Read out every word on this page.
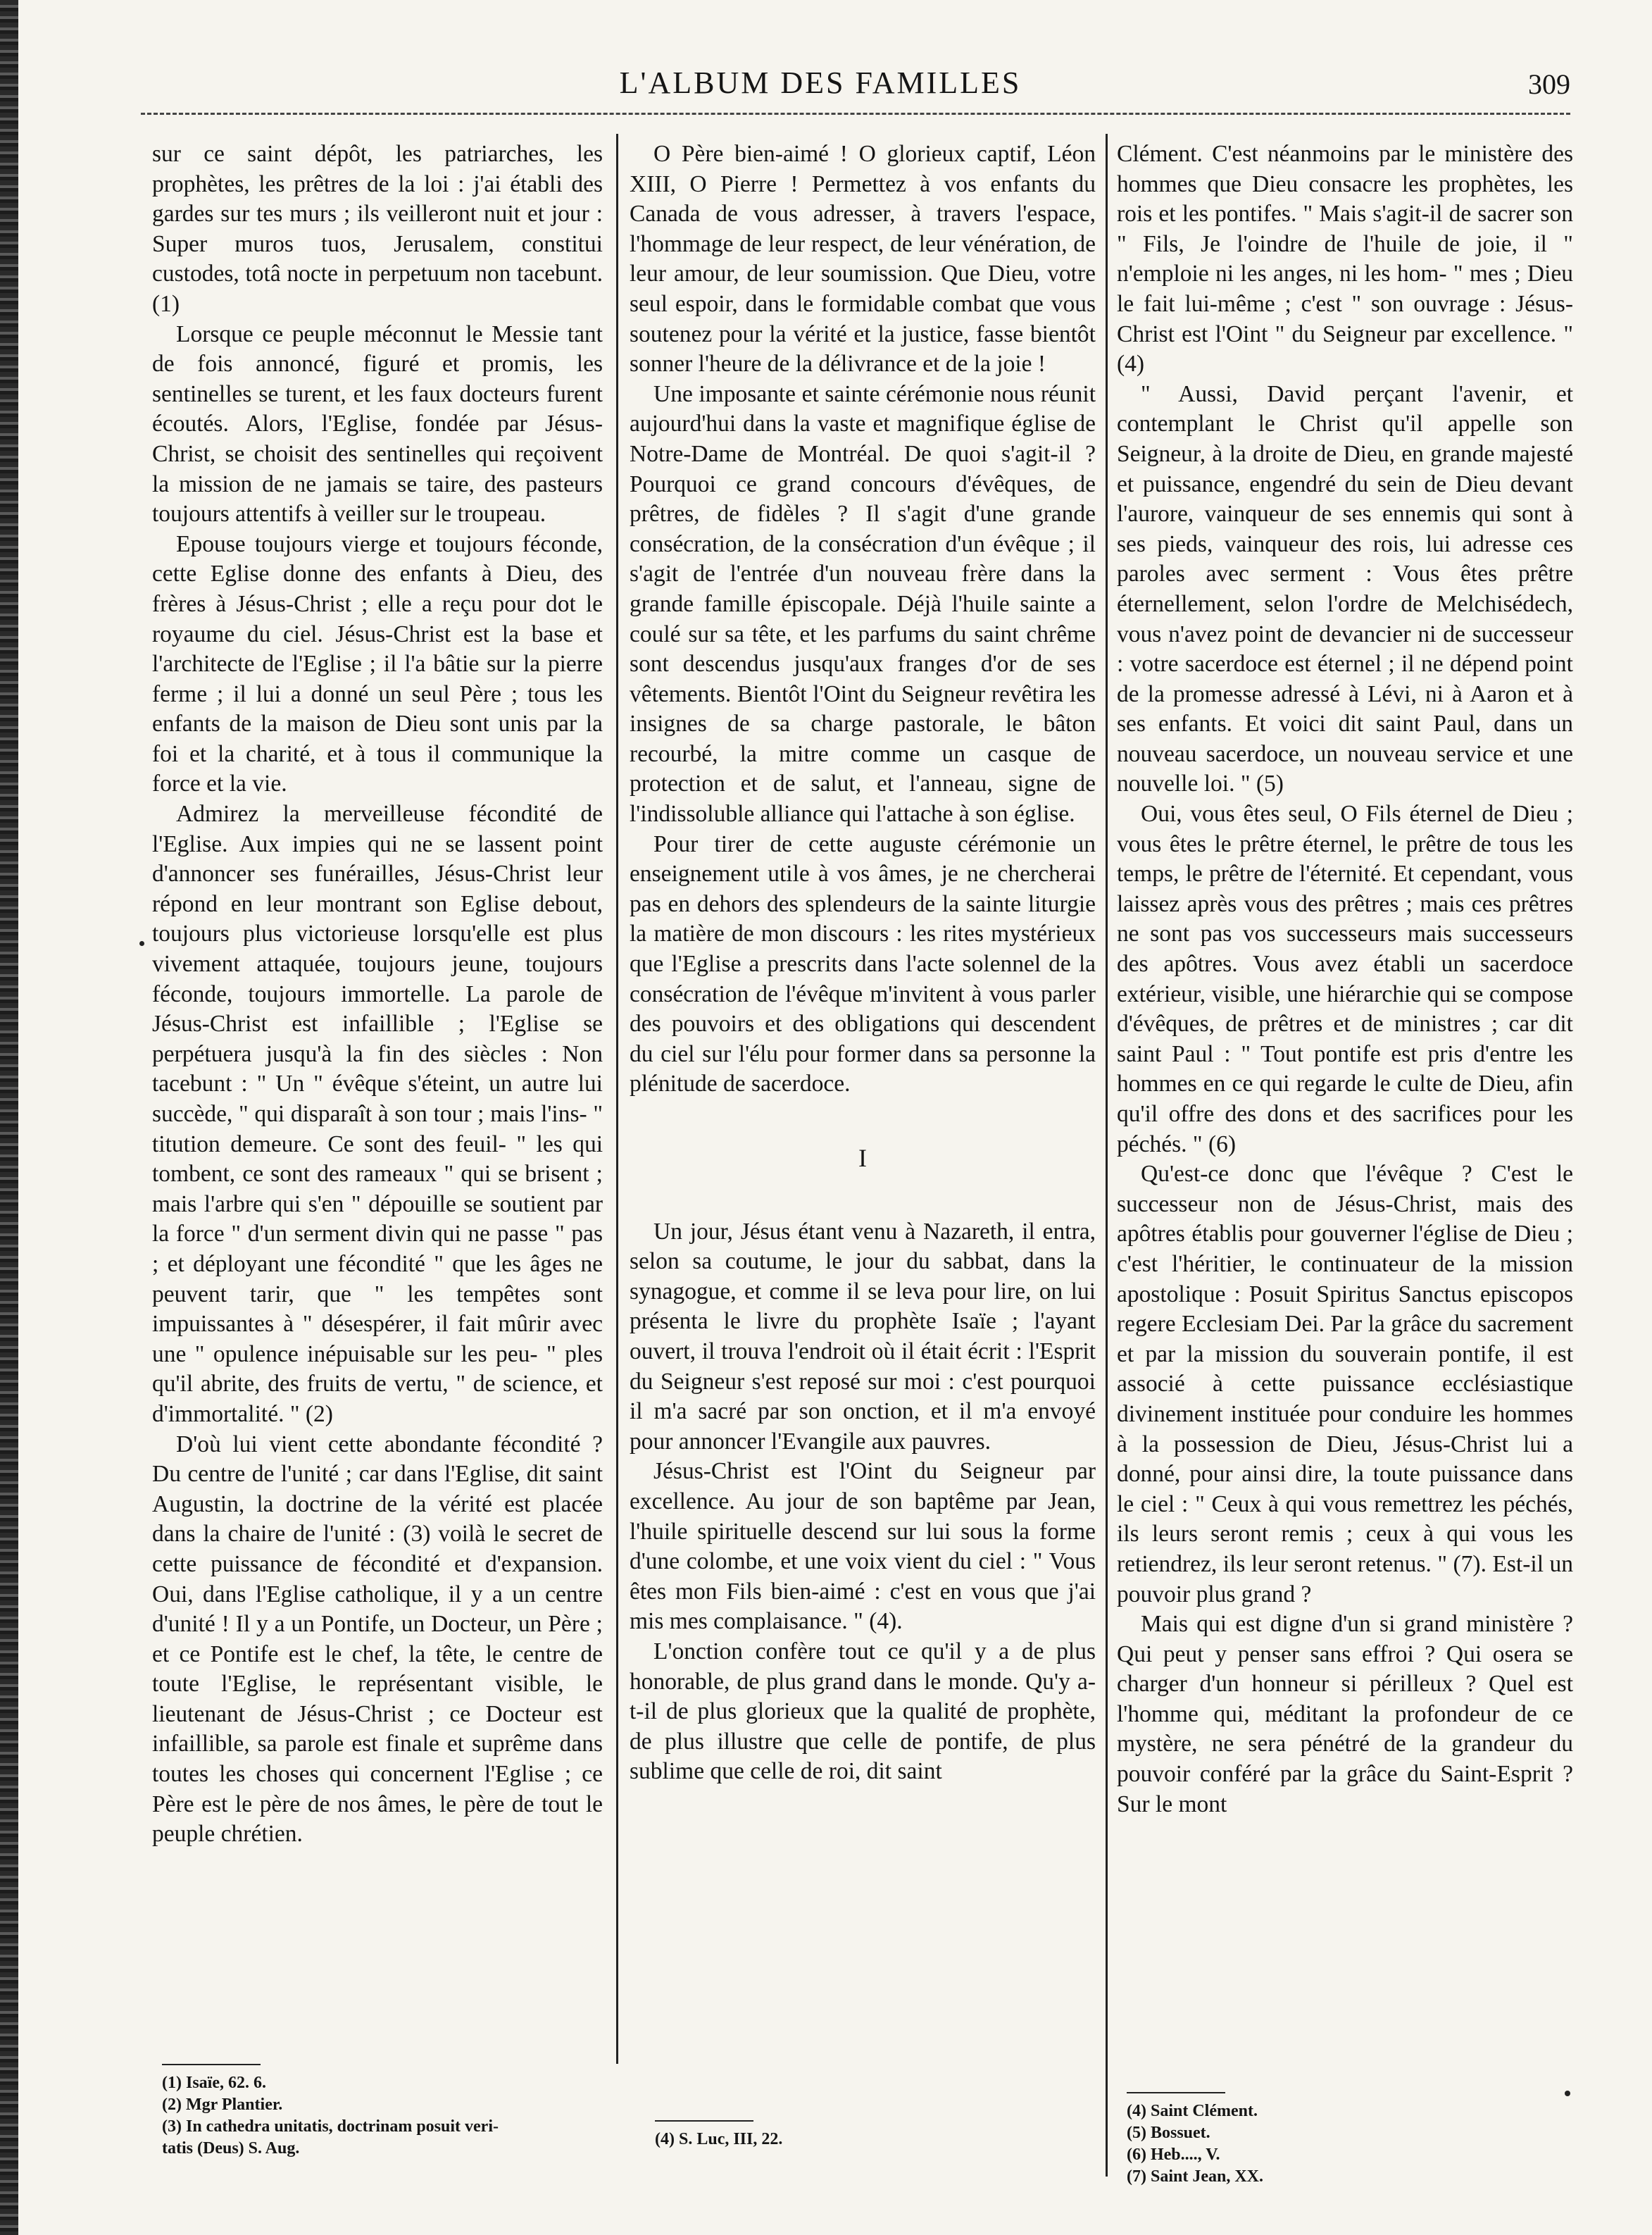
L'ALBUM DES FAMILLES	309

sur ce saint dépôt, les patriarches, les prophètes, les prêtres de la loi : j'ai établi des gardes sur tes murs ; ils veilleront nuit et jour : Super muros tuos, Jerusalem, constitui custodes, totâ nocte in perpetuum non tacebunt. (1)

Lorsque ce peuple méconnut le Messie tant de fois annoncé, figuré et promis, les sentinelles se turent, et les faux docteurs furent écoutés. Alors, l'Eglise, fondée par Jésus-Christ, se choisit des sentinelles qui reçoivent la mission de ne jamais se taire, des pasteurs toujours attentifs à veiller sur le troupeau.

Epouse toujours vierge et toujours féconde, cette Eglise donne des enfants à Dieu, des frères à Jésus-Christ ; elle a reçu pour dot le royaume du ciel. Jésus-Christ est la base et l'architecte de l'Eglise ; il l'a bâtie sur la pierre ferme ; il lui a donné un seul Père ; tous les enfants de la maison de Dieu sont unis par la foi et la charité, et à tous il communique la force et la vie.

Admirez la merveilleuse fécondité de l'Eglise. Aux impies qui ne se lassent point d'annoncer ses funérailles, Jésus-Christ leur répond en leur montrant son Eglise debout, toujours plus victorieuse lorsqu'elle est plus vivement attaquée, toujours jeune, toujours féconde, toujours immortelle. La parole de Jésus-Christ est infaillible ; l'Eglise se perpétuera jusqu'à la fin des siècles : Non tacebunt : " Un " évêque s'éteint, un autre lui succède, " qui disparaît à son tour ; mais l'ins- " titution demeure. Ce sont des feuil- " les qui tombent, ce sont des rameaux " qui se brisent ; mais l'arbre qui s'en " dépouille se soutient par la force " d'un serment divin qui ne passe " pas ; et déployant une fécondité " que les âges ne peuvent tarir, que " les tempêtes sont impuissantes à " désespérer, il fait mûrir avec une " opulence inépuisable sur les peu- " ples qu'il abrite, des fruits de vertu, " de science, et d'immortalité. " (2)

D'où lui vient cette abondante fécondité ? Du centre de l'unité ; car dans l'Eglise, dit saint Augustin, la doctrine de la vérité est placée dans la chaire de l'unité : (3) voilà le secret de cette puissance de fécondité et d'expansion. Oui, dans l'Eglise catholique, il y a un centre d'unité ! Il y a un Pontife, un Docteur, un Père ; et ce Pontife est le chef, la tête, le centre de toute l'Eglise, le représentant visible, le lieutenant de Jésus-Christ ; ce Docteur est infaillible, sa parole est finale et suprême dans toutes les choses qui concernent l'Eglise ; ce Père est le père de nos âmes, le père de tout le peuple chrétien.

O Père bien-aimé ! O glorieux captif, Léon XIII, O Pierre ! Permettez à vos enfants du Canada de vous adresser, à travers l'espace, l'hommage de leur respect, de leur vénération, de leur amour, de leur soumission. Que Dieu, votre seul espoir, dans le formidable combat que vous soutenez pour la vérité et la justice, fasse bientôt sonner l'heure de la délivrance et de la joie !

Une imposante et sainte cérémonie nous réunit aujourd'hui dans la vaste et magnifique église de Notre-Dame de Montréal. De quoi s'agit-il ? Pourquoi ce grand concours d'évêques, de prêtres, de fidèles ? Il s'agit d'une grande consécration, de la consécration d'un évêque ; il s'agit de l'entrée d'un nouveau frère dans la grande famille épiscopale. Déjà l'huile sainte a coulé sur sa tête, et les parfums du saint chrême sont descendus jusqu'aux franges d'or de ses vêtements. Bientôt l'Oint du Seigneur revêtira les insignes de sa charge pastorale, le bâton recourbé, la mitre comme un casque de protection et de salut, et l'anneau, signe de l'indissoluble alliance qui l'attache à son église.

Pour tirer de cette auguste cérémonie un enseignement utile à vos âmes, je ne chercherai pas en dehors des splendeurs de la sainte liturgie la matière de mon discours : les rites mystérieux que l'Eglise a prescrits dans l'acte solennel de la consécration de l'évêque m'invitent à vous parler des pouvoirs et des obligations qui descendent du ciel sur l'élu pour former dans sa personne la plénitude de sacerdoce.

I

Un jour, Jésus étant venu à Nazareth, il entra, selon sa coutume, le jour du sabbat, dans la synagogue, et comme il se leva pour lire, on lui présenta le livre du prophète Isaïe ; l'ayant ouvert, il trouva l'endroit où il était écrit : l'Esprit du Seigneur s'est reposé sur moi : c'est pourquoi il m'a sacré par son onction, et il m'a envoyé pour annoncer l'Evangile aux pauvres.

Jésus-Christ est l'Oint du Seigneur par excellence. Au jour de son baptême par Jean, l'huile spirituelle descend sur lui sous la forme d'une colombe, et une voix vient du ciel : " Vous êtes mon Fils bien-aimé : c'est en vous que j'ai mis mes complaisance. " (4).

L'onction confère tout ce qu'il y a de plus honorable, de plus grand dans le monde. Qu'y a-t-il de plus glorieux que la qualité de prophète, de plus illustre que celle de pontife, de plus sublime que celle de roi, dit saint

Clément. C'est néanmoins par le ministère des hommes que Dieu consacre les prophètes, les rois et les pontifes. " Mais s'agit-il de sacrer son " Fils, Je l'oindre de l'huile de joie, il " n'emploie ni les anges, ni les hom- " mes ; Dieu le fait lui-même ; c'est " son ouvrage : Jésus-Christ est l'Oint " du Seigneur par excellence. " (4)

" Aussi, David perçant l'avenir, et contemplant le Christ qu'il appelle son Seigneur, à la droite de Dieu, en grande majesté et puissance, engendré du sein de Dieu devant l'aurore, vainqueur de ses ennemis qui sont à ses pieds, vainqueur des rois, lui adresse ces paroles avec serment : Vous êtes prêtre éternellement, selon l'ordre de Melchisédech, vous n'avez point de devancier ni de successeur : votre sacerdoce est éternel ; il ne dépend point de la promesse adressé à Lévi, ni à Aaron et à ses enfants. Et voici dit saint Paul, dans un nouveau sacerdoce, un nouveau service et une nouvelle loi. " (5)

Oui, vous êtes seul, O Fils éternel de Dieu ; vous êtes le prêtre éternel, le prêtre de tous les temps, le prêtre de l'éternité. Et cependant, vous laissez après vous des prêtres ; mais ces prêtres ne sont pas vos successeurs mais successeurs des apôtres. Vous avez établi un sacerdoce extérieur, visible, une hiérarchie qui se compose d'évêques, de prêtres et de ministres ; car dit saint Paul : " Tout pontife est pris d'entre les hommes en ce qui regarde le culte de Dieu, afin qu'il offre des dons et des sacrifices pour les péchés. " (6)

Qu'est-ce donc que l'évêque ? C'est le successeur non de Jésus-Christ, mais des apôtres établis pour gouverner l'église de Dieu ; c'est l'héritier, le continuateur de la mission apostolique : Posuit Spiritus Sanctus episcopos regere Ecclesiam Dei. Par la grâce du sacrement et par la mission du souverain pontife, il est associé à cette puissance ecclésiastique divinement instituée pour conduire les hommes à la possession de Dieu, Jésus-Christ lui a donné, pour ainsi dire, la toute puissance dans le ciel : " Ceux à qui vous remettrez les péchés, ils leurs seront remis ; ceux à qui vous les retiendrez, ils leur seront retenus. " (7). Est-il un pouvoir plus grand ?

Mais qui est digne d'un si grand ministère ? Qui peut y penser sans effroi ? Qui osera se charger d'un honneur si périlleux ? Quel est l'homme qui, méditant la profondeur de ce mystère, ne sera pénétré de la grandeur du pouvoir conféré par la grâce du Saint-Esprit ? Sur le mont

(1) Isaïe, 62. 6.
(2) Mgr Plantier.
(3) In cathedra unitatis, doctrinam posuit veri-
tatis (Deus) S. Aug.	(4) S. Luc, III, 22.
(4) Saint Clément.
(5) Bossuet.
(6) Heb...., V.
(7) Saint Jean, XX.
